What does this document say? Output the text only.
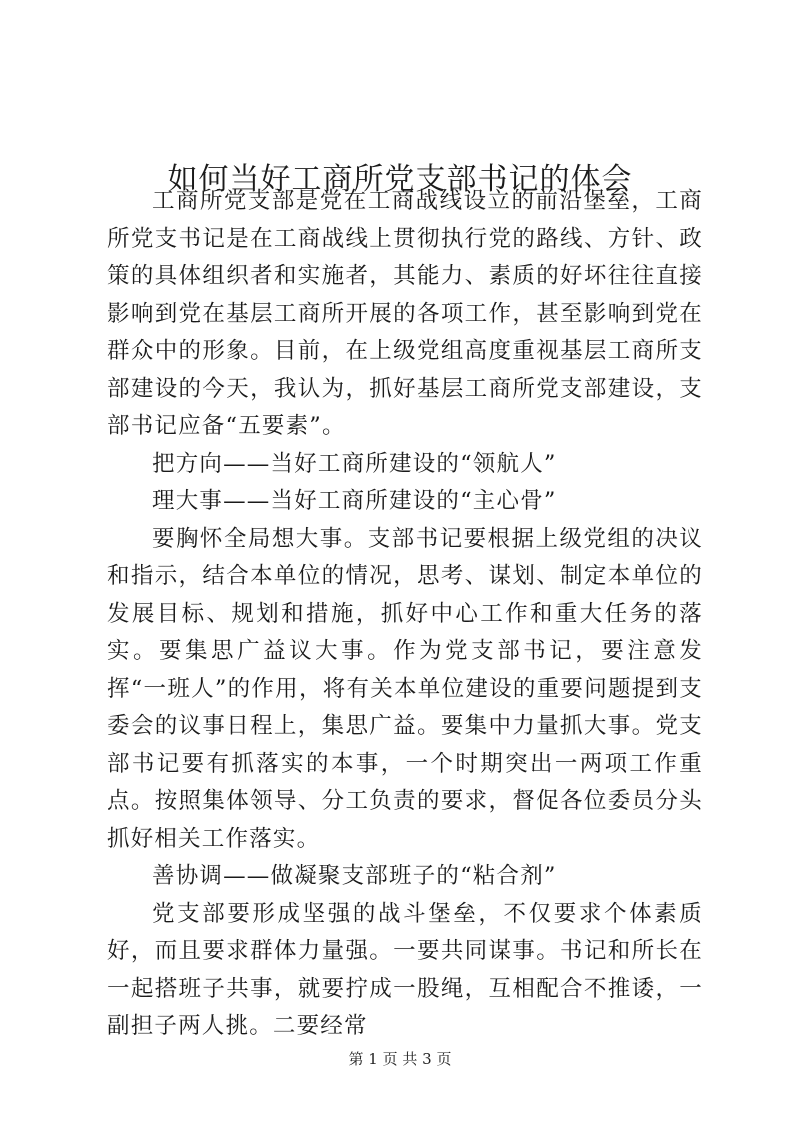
如何当好工商所党支部书记的体会

工商所党支部是党在工商战线设立的前沿堡垒，工商所党支书记是在工商战线上贯彻执行党的路线、方针、政策的具体组织者和实施者，其能力、素质的好坏往往直接影响到党在基层工商所开展的各项工作，甚至影响到党在群众中的形象。目前，在上级党组高度重视基层工商所支部建设的今天，我认为，抓好基层工商所党支部建设，支部书记应备“五要素”。

把方向——当好工商所建设的“领航人”

理大事——当好工商所建设的“主心骨”

要胸怀全局想大事。支部书记要根据上级党组的决议和指示，结合本单位的情况，思考、谋划、制定本单位的发展目标、规划和措施，抓好中心工作和重大任务的落实。要集思广益议大事。作为党支部书记，要注意发挥“一班人”的作用，将有关本单位建设的重要问题提到支委会的议事日程上，集思广益。要集中力量抓大事。党支部书记要有抓落实的本事，一个时期突出一两项工作重点。按照集体领导、分工负责的要求，督促各位委员分头抓好相关工作落实。

善协调——做凝聚支部班子的“粘合剂”

党支部要形成坚强的战斗堡垒，不仅要求个体素质好，而且要求群体力量强。一要共同谋事。书记和所长在一起搭班子共事，就要拧成一股绳，互相配合不推诿，一副担子两人挑。二要经常

第 1 页 共 3 页
